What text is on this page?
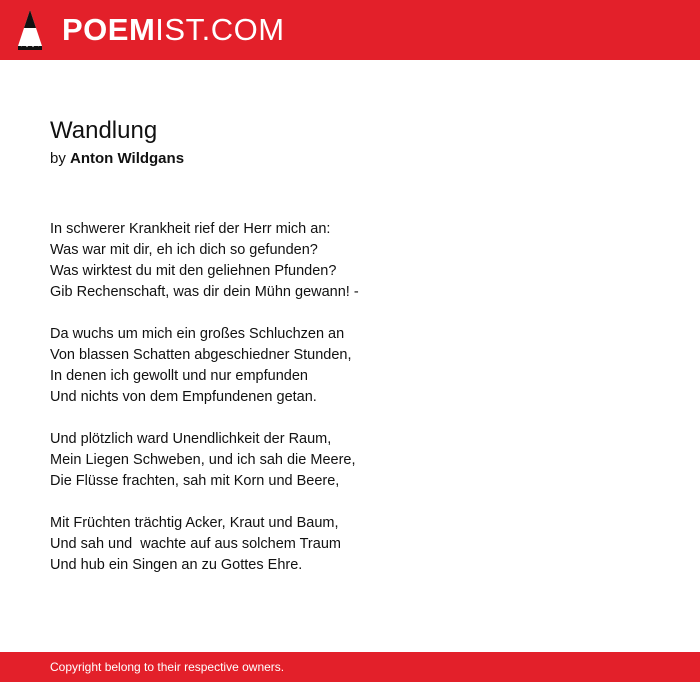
POEMIST.COM
Wandlung
by Anton Wildgans
In schwerer Krankheit rief der Herr mich an:
Was war mit dir, eh ich dich so gefunden?
Was wirktest du mit den geliehnen Pfunden?
Gib Rechenschaft, was dir dein Mühn gewann! -
Da wuchs um mich ein großes Schluchzen an
Von blassen Schatten abgeschiedner Stunden,
In denen ich gewollt und nur empfunden
Und nichts von dem Empfundenen getan.
Und plötzlich ward Unendlichkeit der Raum,
Mein Liegen Schweben, und ich sah die Meere,
Die Flüsse frachten, sah mit Korn und Beere,
Mit Früchten trächtig Acker, Kraut und Baum,
Und sah und  wachte auf aus solchem Traum
Und hub ein Singen an zu Gottes Ehre.
Copyright belong to their respective owners.
